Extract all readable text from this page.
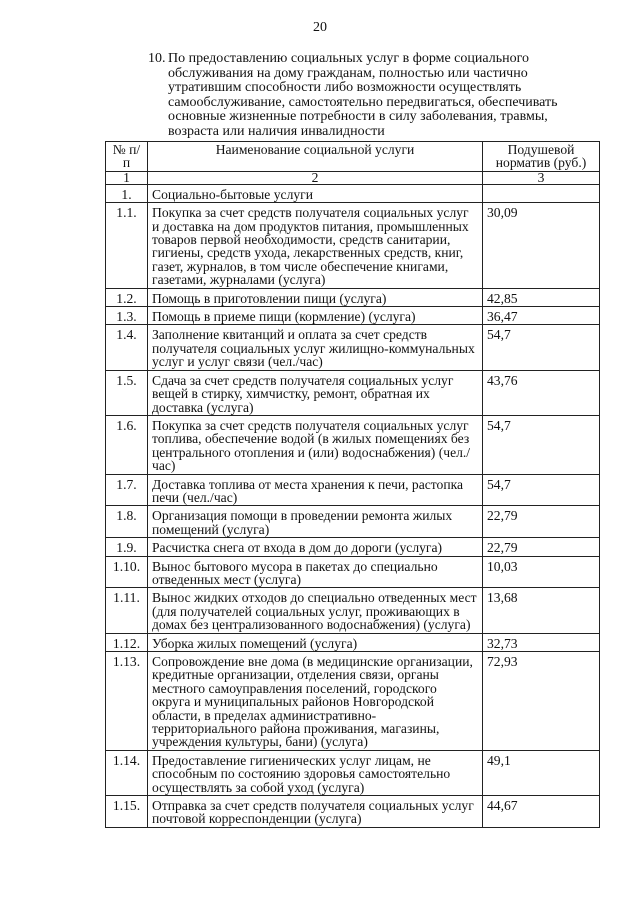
20
10. По предоставлению социальных услуг в форме социального обслуживания на дому гражданам, полностью или частично утратившим способности либо возможности осуществлять самообслуживание, самостоятельно передвигаться, обеспечивать основные жизненные потребности в силу заболевания, травмы, возраста или наличия инвалидности
№ п/п	Наименование социальной услуги	Подушевой норматив (руб.)
1	2	3
1.	Социально-бытовые услуги	
1.1.	Покупка за счет средств получателя социальных услуг и доставка на дом продуктов питания, промышленных товаров первой необходимости, средств санитарии, гигиены, средств ухода, лекарственных средств, книг, газет, журналов, в том числе обеспечение книгами, газетами, журналами (услуга)	30,09
1.2.	Помощь в приготовлении пищи (услуга)	42,85
1.3.	Помощь в приеме пищи (кормление) (услуга)	36,47
1.4.	Заполнение квитанций и оплата за счет средств получателя социальных услуг жилищно-коммунальных услуг и услуг связи (чел./час)	54,7
1.5.	Сдача за счет средств получателя социальных услуг вещей в стирку, химчистку, ремонт, обратная их доставка (услуга)	43,76
1.6.	Покупка за счет средств получателя социальных услуг топлива, обеспечение водой (в жилых помещениях без центрального отопления и (или) водоснабжения) (чел./час)	54,7
1.7.	Доставка топлива от места хранения к печи, растопка печи (чел./час)	54,7
1.8.	Организация помощи в проведении ремонта жилых помещений (услуга)	22,79
1.9.	Расчистка снега от входа в дом до дороги (услуга)	22,79
1.10.	Вынос бытового мусора в пакетах до специально отведенных мест (услуга)	10,03
1.11.	Вынос жидких отходов до специально отведенных мест (для получателей социальных услуг, проживающих в домах без централизованного водоснабжения) (услуга)	13,68
1.12.	Уборка жилых помещений (услуга)	32,73
1.13.	Сопровождение вне дома (в медицинские организации, кредитные организации, отделения связи, органы местного самоуправления поселений, городского округа и муниципальных районов Новгородской области, в пределах административно-территориального района проживания, магазины, учреждения культуры, бани) (услуга)	72,93
1.14.	Предоставление гигиенических услуг лицам, не способным по состоянию здоровья самостоятельно осуществлять за собой уход (услуга)	49,1
1.15.	Отправка за счет средств получателя социальных услуг почтовой корреспонденции (услуга)	44,67
